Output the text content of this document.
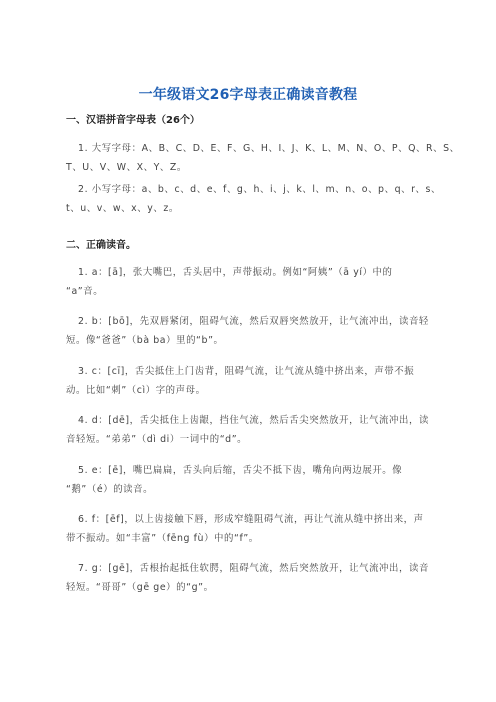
一年级语文26字母表正确读音教程
一、汉语拼音字母表（26个）
1. 大写字母：A、B、C、D、E、F、G、H、I、J、K、L、M、N、O、P、Q、R、S、
T、U、V、W、X、Y、Z。
2. 小写字母：a、b、c、d、e、f、g、h、i、j、k、l、m、n、o、p、q、r、s、
t、u、v、w、x、y、z。
二、正确读音。
1. a：[ā]，张大嘴巴，舌头居中，声带振动。例如“阿姨”（ā yí）中的
“a”音。
2. b：[bō]，先双唇紧闭，阻碍气流，然后双唇突然放开，让气流冲出，读音轻
短。像“爸爸”（bà ba）里的“b”。
3. c：[cī]，舌尖抵住上门齿背，阻碍气流，让气流从缝中挤出来，声带不振
动。比如“刺”（cì）字的声母。
4. d：[dē]，舌尖抵住上齿龈，挡住气流，然后舌尖突然放开，让气流冲出，读
音轻短。“弟弟”（dì di）一词中的“d”。
5. e：[ē]，嘴巴扁扁，舌头向后缩，舌尖不抵下齿，嘴角向两边展开。像
“鹅”（é）的读音。
6. f：[ēf]，以上齿接触下唇，形成窄缝阻碍气流，再让气流从缝中挤出来，声
带不振动。如“丰富”（fēng fù）中的“f”。
7. g：[gē]，舌根抬起抵住软腭，阻碍气流，然后突然放开，让气流冲出，读音
轻短。“哥哥”（gē ge）的“g”。
